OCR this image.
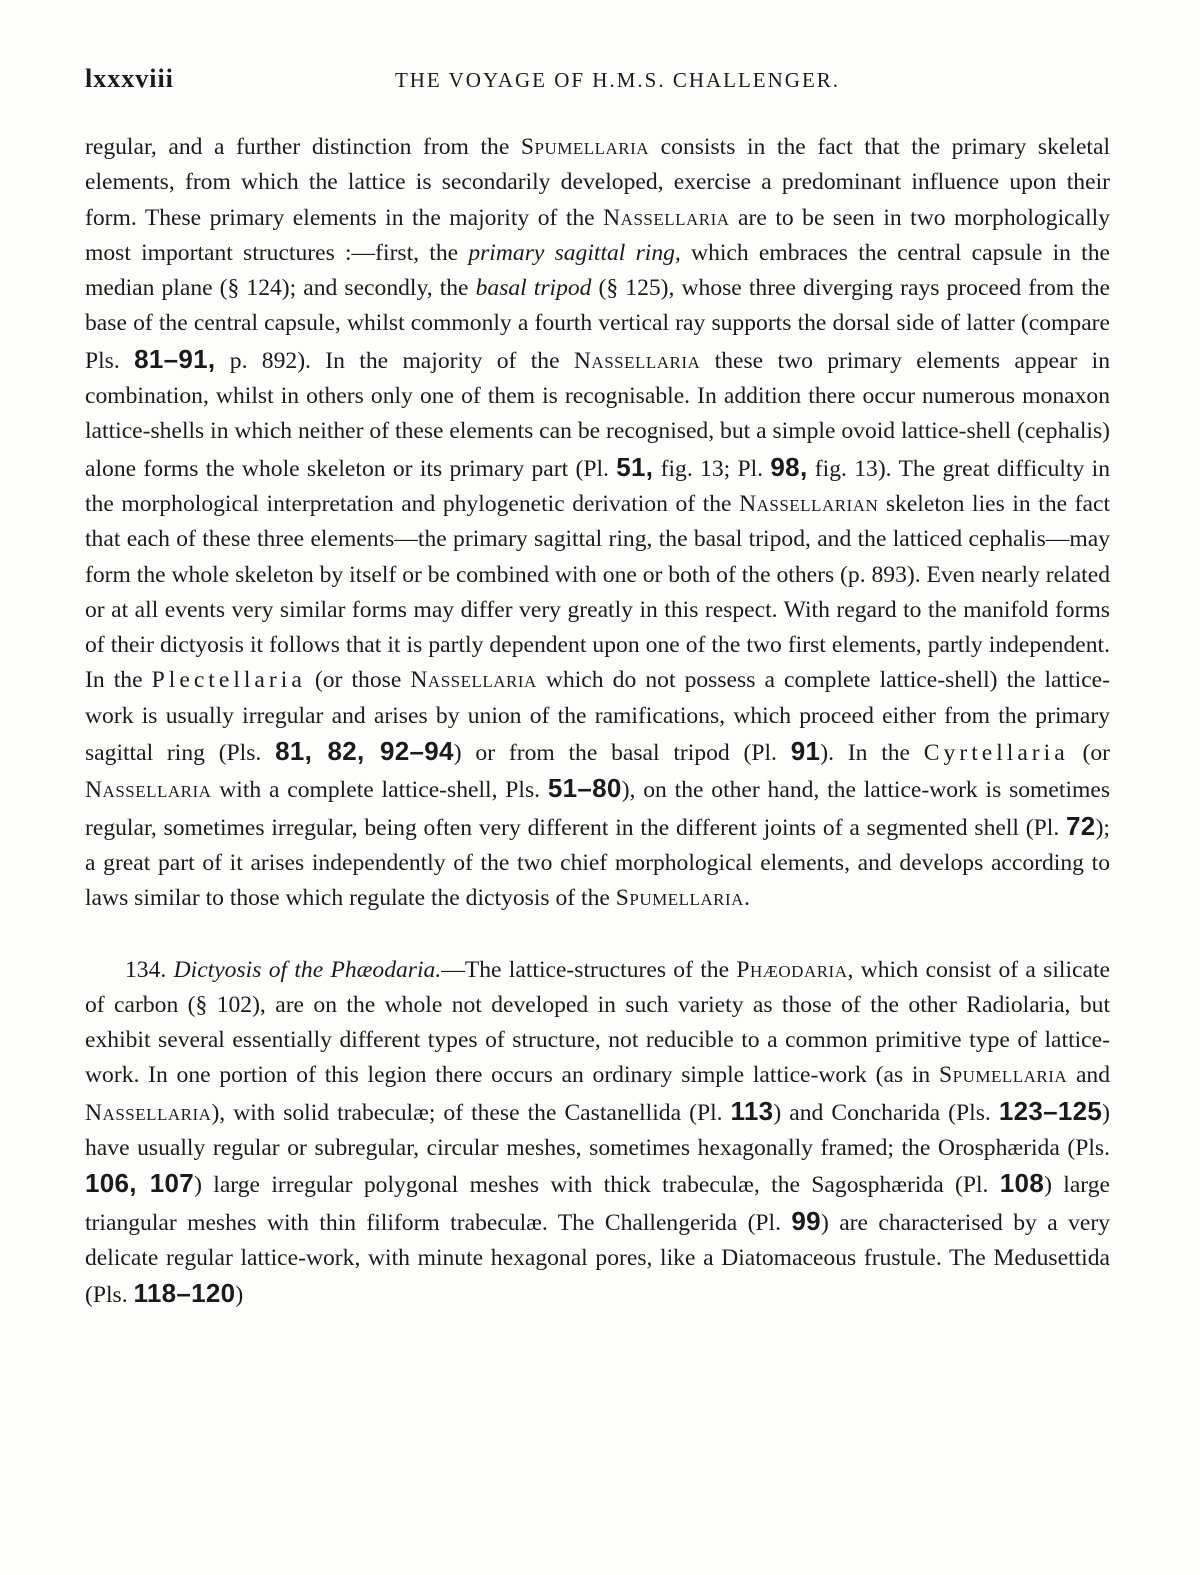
lxxxviii	THE VOYAGE OF H.M.S. CHALLENGER.

regular, and a further distinction from the Spumellaria consists in the fact that the primary skeletal elements, from which the lattice is secondarily developed, exercise a predominant influence upon their form. These primary elements in the majority of the Nassellaria are to be seen in two morphologically most important structures :—first, the primary sagittal ring, which embraces the central capsule in the median plane (§ 124); and secondly, the basal tripod (§ 125), whose three diverging rays proceed from the base of the central capsule, whilst commonly a fourth vertical ray supports the dorsal side of latter (compare Pls. 81–91, p. 892). In the majority of the Nassellaria these two primary elements appear in combination, whilst in others only one of them is recognisable. In addition there occur numerous monaxon lattice-shells in which neither of these elements can be recognised, but a simple ovoid lattice-shell (cephalis) alone forms the whole skeleton or its primary part (Pl. 51, fig. 13; Pl. 98, fig. 13). The great difficulty in the morphological interpretation and phylogenetic derivation of the Nassellarian skeleton lies in the fact that each of these three elements—the primary sagittal ring, the basal tripod, and the latticed cephalis—may form the whole skeleton by itself or be combined with one or both of the others (p. 893). Even nearly related or at all events very similar forms may differ very greatly in this respect. With regard to the manifold forms of their dictyosis it follows that it is partly dependent upon one of the two first elements, partly independent. In the Plectellaria (or those Nassellaria which do not possess a complete lattice-shell) the lattice-work is usually irregular and arises by union of the ramifications, which proceed either from the primary sagittal ring (Pls. 81, 82, 92–94) or from the basal tripod (Pl. 91). In the Cyrtellaria (or Nassellaria with a complete lattice-shell, Pls. 51–80), on the other hand, the lattice-work is sometimes regular, sometimes irregular, being often very different in the different joints of a segmented shell (Pl. 72); a great part of it arises independently of the two chief morphological elements, and develops according to laws similar to those which regulate the dictyosis of the Spumellaria.

134. Dictyosis of the Phæodaria.—The lattice-structures of the Phæodaria, which consist of a silicate of carbon (§ 102), are on the whole not developed in such variety as those of the other Radiolaria, but exhibit several essentially different types of structure, not reducible to a common primitive type of lattice-work. In one portion of this legion there occurs an ordinary simple lattice-work (as in Spumellaria and Nassellaria), with solid trabeculæ; of these the Castanellida (Pl. 113) and Concharida (Pls. 123–125) have usually regular or subregular, circular meshes, sometimes hexagonally framed; the Orosphærida (Pls. 106, 107) large irregular polygonal meshes with thick trabeculæ, the Sagosphærida (Pl. 108) large triangular meshes with thin filiform trabeculæ. The Challengerida (Pl. 99) are characterised by a very delicate regular lattice-work, with minute hexagonal pores, like a Diatomaceous frustule. The Medusettida (Pls. 118–120)
